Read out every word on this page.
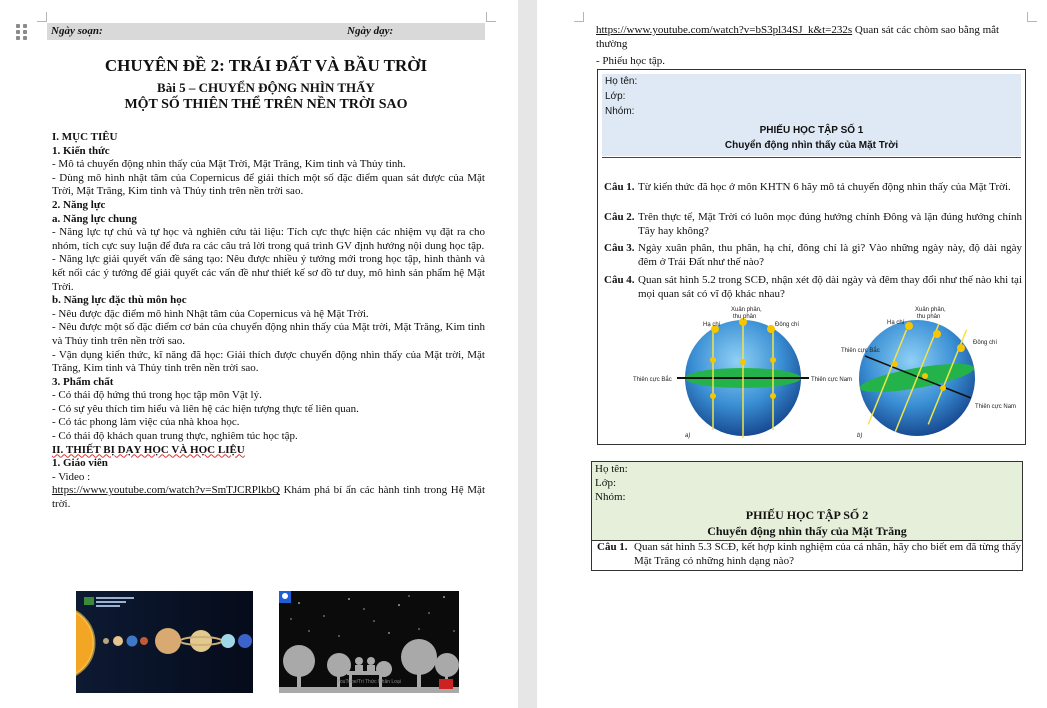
Ngày soạn:	Ngày dạy:
CHUYÊN ĐỀ 2: TRÁI ĐẤT VÀ BẦU TRỜI
Bài 5 – CHUYỂN ĐỘNG NHÌN THẤY
MỘT SỐ THIÊN THỂ TRÊN NỀN TRỜI SAO

I. MỤC TIÊU

1. Kiến thức

- Mô tả chuyển động nhìn thấy của Mặt Trời, Mặt Trăng, Kim tinh và Thủy tinh.

- Dùng mô hình nhật tâm của Copernicus để giải thích một số đặc điểm quan sát được của Mặt Trời, Mặt Trăng, Kim tinh và Thủy tinh trên nền trời sao.

2. Năng lực

a. Năng lực chung

- Năng lực tự chủ và tự học và nghiên cứu tài liệu: Tích cực thực hiện các nhiệm vụ đặt ra cho nhóm, tích cực suy luận để đưa ra các câu trả lời trong quá trình GV định hướng nội dung học tập.

- Năng lực giải quyết vấn đề sáng tạo: Nêu được nhiều ý tưởng mới trong học tập, hình thành và kết nối các ý tưởng để giải quyết các vấn đề như thiết kế sơ đồ tư duy, mô hình sản phẩm hệ Mặt Trời.

b. Năng lực đặc thù môn học

- Nêu được đặc điểm mô hình Nhật tâm của Copernicus và hệ Mặt Trời.

- Nêu được một số đặc điểm cơ bản của chuyển động nhìn thấy của Mặt trời, Mặt Trăng, Kim tinh và Thủy tinh trên nền trời sao.

- Vận dụng kiến thức, kĩ năng đã học: Giải thích được chuyển động nhìn thấy của Mặt trời, Mặt Trăng, Kim tinh và Thủy tinh trên nền trời sao.

3. Phẩm chất

- Có thái độ hứng thú trong học tập môn Vật lý.

- Có sự yêu thích tìm hiểu và liên hệ các hiện tượng thực tế liên quan.

- Có tác phong làm việc của nhà khoa học.

- Có thái độ khách quan trung thực, nghiêm túc học tập.

II. THIẾT BỊ DẠY HỌC VÀ HỌC LIỆU

1. Giáo viên

- Video :

https://www.youtube.com/watch?v=SmTJCRPlkbQ Khám phá bí ẩn các hành tinh trong Hệ Mặt trời.

YouTube/Tri Thức Nhân Loại
https://www.youtube.com/watch?v=bS3pl34SJ_k&t=232s Quan sát các chòm sao bằng mắt thường
- Phiếu học tập.
Họ tên:
Lớp:
Nhóm:
PHIẾU HỌC TẬP SỐ 1
Chuyển động nhìn thấy của Mặt Trời
Câu 1. Từ kiến thức đã học ở môn KHTN 6 hãy mô tả chuyển động nhìn thấy của Mặt Trời.
Câu 2. Trên thực tế, Mặt Trời có luôn mọc đúng hướng chính Đông và lặn đúng hướng chính Tây hay không?
Câu 3. Ngày xuân phân, thu phân, hạ chí, đông chí là gì? Vào những ngày này, độ dài ngày đêm ở Trái Đất như thế nào?
Câu 4. Quan sát hình 5.2 trong SCĐ, nhận xét độ dài ngày và đêm thay đổi như thế nào khi tại mọi quan sát có vĩ độ khác nhau?
Xuân phân,
thu phân
Hạ chí	Đông chí
Thiên cực Bắc	Thiên cực Nam
a)
Hạ chí
Xuân phân,
thu phân
Đông chí
Thiên cực Bắc
Thiên cực Nam
b)
Họ tên:
Lớp:
Nhóm:
PHIẾU HỌC TẬP SỐ 2
Chuyển động nhìn thấy của Mặt Trăng
Câu 1. Quan sát hình 5.3 SCĐ, kết hợp kinh nghiệm của cá nhân, hãy cho biết em đã từng thấy Mặt Trăng có những hình dạng nào?
